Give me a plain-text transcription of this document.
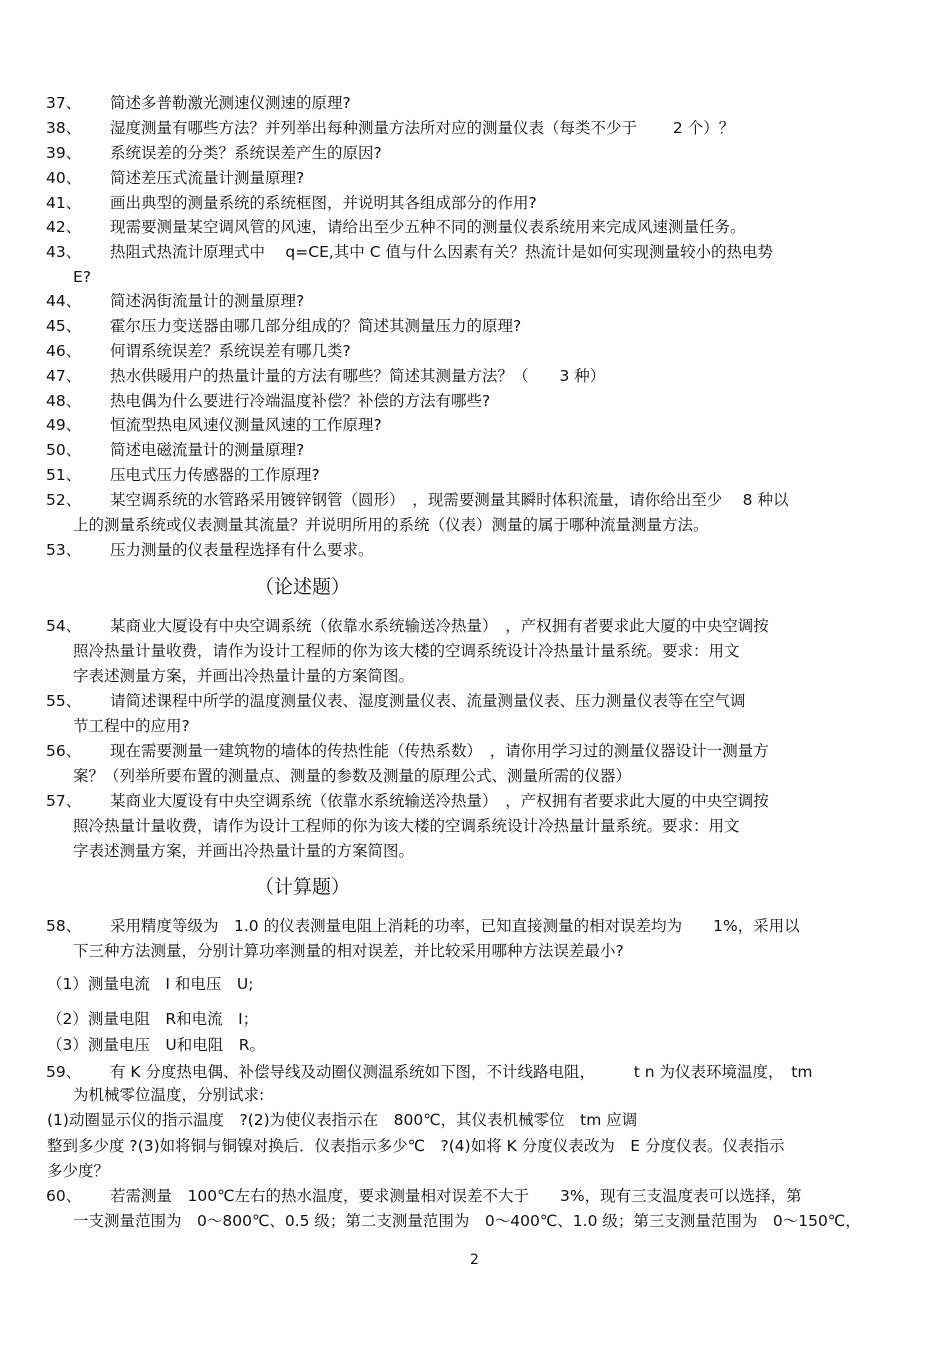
37、 简述多普勒激光测速仪测速的原理?
38、 湿度测量有哪些方法？并列举出每种测量方法所对应的测量仪表（每类不少于　　 2 个）？
39、 系统误差的分类？系统误差产生的原因?
40、 简述差压式流量计测量原理?
41、 画出典型的测量系统的系统框图，并说明其各组成部分的作用?
42、 现需要测量某空调风管的风速，请给出至少五种不同的测量仪表系统用来完成风速测量任务。
43、 热阻式热流计原理式中　 q=CE,其中 C 值与什么因素有关？热流计是如何实现测量较小的热电势
E?
44、 简述涡街流量计的测量原理?
45、 霍尔压力变送器由哪几部分组成的？简述其测量压力的原理?
46、 何谓系统误差？系统误差有哪几类?
47、 热水供暖用户的热量计量的方法有哪些？简述其测量方法？（　　3 种）
48、 热电偶为什么要进行冷端温度补偿？补偿的方法有哪些?
49、 恒流型热电风速仪测量风速的工作原理?
50、 简述电磁流量计的测量原理?
51、 压电式压力传感器的工作原理?
52、 某空调系统的水管路采用镀锌钢管（圆形）　，现需要测量其瞬时体积流量，请你给出至少　 8 种以
上的测量系统或仪表测量其流量？并说明所用的系统（仪表）测量的属于哪种流量测量方法。
53、 压力测量的仪表量程选择有什么要求。
（论述题）
54、 某商业大厦设有中央空调系统（依靠水系统输送冷热量）　，产权拥有者要求此大厦的中央空调按
照冷热量计量收费，请作为设计工程师的你为该大楼的空调系统设计冷热量计量系统。要求：用文
字表述测量方案，并画出冷热量计量的方案简图。
55、 请简述课程中所学的温度测量仪表、湿度测量仪表、流量测量仪表、压力测量仪表等在空气调
节工程中的应用?
56、 现在需要测量一建筑物的墙体的传热性能（传热系数）　，请你用学习过的测量仪器设计一测量方
案？（列举所要布置的测量点、测量的参数及测量的原理公式、测量所需的仪器）
57、 某商业大厦设有中央空调系统（依靠水系统输送冷热量）　，产权拥有者要求此大厦的中央空调按
照冷热量计量收费，请作为设计工程师的你为该大楼的空调系统设计冷热量计量系统。要求：用文
字表述测量方案，并画出冷热量计量的方案简图。
（计算题）
58、 采用精度等级为　1.0 的仪表测量电阻上消耗的功率，已知直接测量的相对误差均为　　1%，采用以
下三种方法测量，分别计算功率测量的相对误差，并比较采用哪种方法误差最小?
（1）测量电流　I 和电压　U;
（2）测量电阻　R和电流　I；
（3）测量电压　U和电阻　R。
59、 有 K 分度热电偶、补偿导线及动圈仪测温系统如下图，不计线路电阻，　　　t n 为仪表环境温度，　tm
为机械零位温度，分别试求:
(1)动圈显示仪的指示温度　?(2)为使仪表指示在　800℃，其仪表机械零位　tm 应调
整到多少度 ?(3)如将铜与铜镍对换后．仪表指示多少℃　?(4)如将 K 分度仪表改为　E 分度仪表。仪表指示
多少度？
60、 若需测量　100℃左右的热水温度，要求测量相对误差不大于　　3%，现有三支温度表可以选择，第
一支测量范围为　0～800℃、0.5 级；第二支测量范围为　0～400℃、1.0 级；第三支测量范围为　0～150℃，
2
